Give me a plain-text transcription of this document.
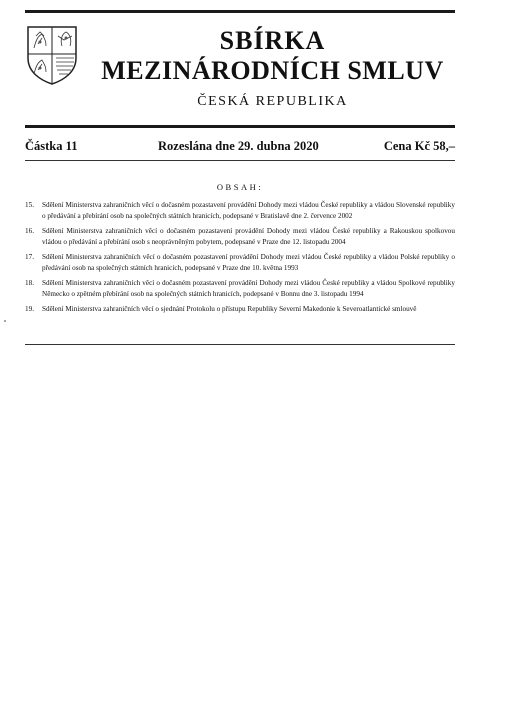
SBÍRKA
MEZINÁRODNÍCH SMLUV
ČESKÁ REPUBLIKA
Částka 11	Rozeslána dne 29. dubna 2020	Cena Kč 58,–
OBSAH:
15.	Sdělení Ministerstva zahraničních věcí o dočasném pozastavení provádění Dohody mezi vládou České republiky a vládou Slovenské republiky o předávání a přebírání osob na společných státních hranicích, podepsané v Bratislavě dne 2. července 2002
16.	Sdělení Ministerstva zahraničních věcí o dočasném pozastavení provádění Dohody mezi vládou České republiky a Rakouskou spolkovou vládou o předávání a přebírání osob s neoprávněným pobytem, podepsané v Praze dne 12. listopadu 2004
17.	Sdělení Ministerstva zahraničních věcí o dočasném pozastavení provádění Dohody mezi vládou České republiky a vládou Polské republiky o předávání osob na společných státních hranicích, podepsané v Praze dne 10. května 1993
18.	Sdělení Ministerstva zahraničních věcí o dočasném pozastavení provádění Dohody mezi vládou České republiky a vládou Spolkové republiky Německo o zpětném přebírání osob na společných státních hranicích, podepsané v Bonnu dne 3. listopadu 1994
19.	Sdělení Ministerstva zahraničních věcí o sjednání Protokolu o přístupu Republiky Severní Makedonie k Severoatlantické smlouvě
